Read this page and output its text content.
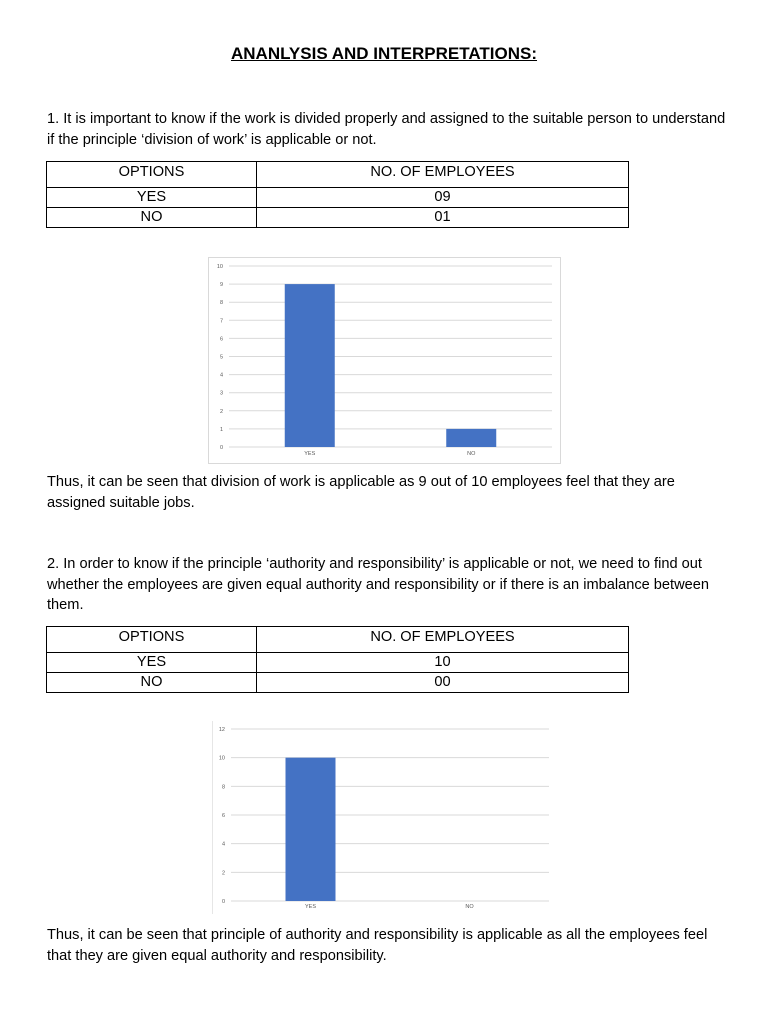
ANANLYSIS AND INTERPRETATIONS:
1. It is important to know if the work is divided properly and assigned to the suitable person to understand if the principle ‘division of work’ is applicable or not.
OPTIONS	NO. OF EMPLOYEES
YES	09
NO	01
0
1
2
3
4
5
6
7
8
9
10
YES	NO
Thus, it can be seen that division of work is applicable as 9 out of 10 employees feel that they are assigned suitable jobs.
2. In order to know if the principle ‘authority and responsibility’ is applicable or not, we need to find out whether the employees are given equal authority and responsibility or if there is an imbalance between them.
OPTIONS	NO. OF EMPLOYEES
YES	10
NO	00
0
2
4
6
8
10
12
YES	NO
Thus, it can be seen that principle of authority and responsibility is applicable as all the employees feel that they are given equal authority and responsibility.
